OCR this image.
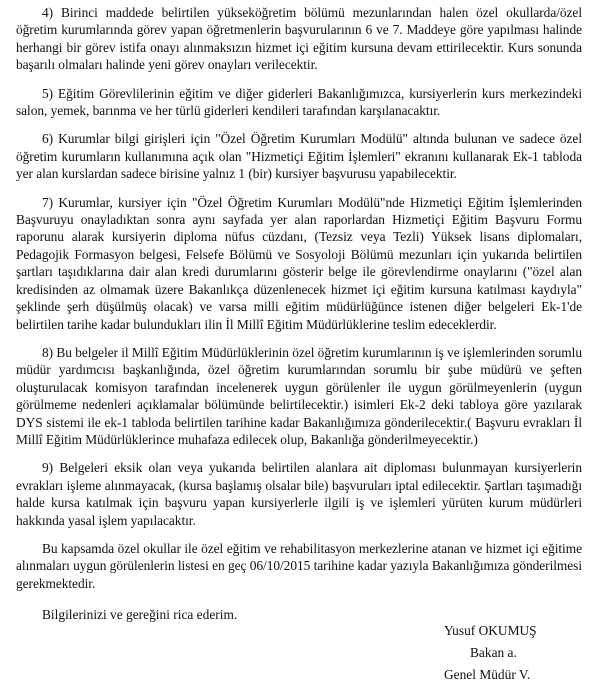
4) Birinci maddede belirtilen yükseköğretim bölümü mezunlarından halen özel okullarda/özel öğretim kurumlarında görev yapan öğretmenlerin başvurularının 6 ve 7. Maddeye göre yapılması halinde herhangi bir görev istifa onayı alınmaksızın hizmet içi eğitim kursuna devam ettirilecektir. Kurs sonunda başarılı olmaları halinde yeni görev onayları verilecektir.

5) Eğitim Görevlilerinin eğitim ve diğer giderleri Bakanlığımızca, kursiyerlerin kurs merkezindeki salon, yemek, barınma ve her türlü giderleri kendileri tarafından karşılanacaktır.

6) Kurumlar bilgi girişleri için "Özel Öğretim Kurumları Modülü" altında bulunan ve sadece özel öğretim kurumların kullanımına açık olan "Hizmetiçi Eğitim İşlemleri" ekranını kullanarak Ek-1 tabloda yer alan kurslardan sadece birisine yalnız 1 (bir) kursiyer başvurusu yapabilecektir.

7) Kurumlar, kursiyer için "Özel Öğretim Kurumları Modülü"nde Hizmetiçi Eğitim İşlemlerinden Başvuruyu onayladıktan sonra aynı sayfada yer alan raporlardan Hizmetiçi Eğitim Başvuru Formu raporunu alarak kursiyerin diploma nüfus cüzdanı, (Tezsiz veya Tezli) Yüksek lisans diplomaları, Pedagojik Formasyon belgesi, Felsefe Bölümü ve Sosyoloji Bölümü mezunları için yukarıda belirtilen şartları taşıdıklarına dair alan kredi durumlarını gösterir belge ile görevlendirme onaylarını ("özel alan kredisinden az olmamak üzere Bakanlıkça düzenlenecek hizmet içi eğitim kursuna katılması kaydıyla" şeklinde şerh düşülmüş olacak) ve varsa milli eğitim müdürlüğünce istenen diğer belgeleri Ek-1'de belirtilen tarihe kadar bulundukları ilin İl Millî Eğitim Müdürlüklerine teslim edeceklerdir.

8) Bu belgeler il Millî Eğitim Müdürlüklerinin özel öğretim kurumlarının iş ve işlemlerinden sorumlu müdür yardımcısı başkanlığında, özel öğretim kurumlarından sorumlu bir şube müdürü ve şeften oluşturulacak komisyon tarafından incelenerek uygun görülenler ile uygun görülmeyenlerin (uygun görülmeme nedenleri açıklamalar bölümünde belirtilecektir.) isimleri Ek-2 deki tabloya göre yazılarak DYS sistemi ile ek-1 tabloda belirtilen tarihine kadar Bakanlığımıza gönderilecektir.( Başvuru evrakları İl Millî Eğitim Müdürlüklerince muhafaza edilecek olup, Bakanlığa gönderilmeyecektir.)

9) Belgeleri eksik olan veya yukarıda belirtilen alanlara ait diploması bulunmayan kursiyerlerin evrakları işleme alınmayacak, (kursa başlamış olsalar bile) başvuruları iptal edilecektir. Şartları taşımadığı halde kursa katılmak için başvuru yapan kursiyerlerle ilgili iş ve işlemleri yürüten kurum müdürleri hakkında yasal işlem yapılacaktır.

Bu kapsamda özel okullar ile özel eğitim ve rehabilitasyon merkezlerine atanan ve hizmet içi eğitime alınmaları uygun görülenlerin listesi en geç 06/10/2015 tarihine kadar yazıyla Bakanlığımıza gönderilmesi gerekmektedir.

Bilgilerinizi ve gereğini rica ederim.

Yusuf OKUMUŞ
Bakan a.
Genel Müdür V.
